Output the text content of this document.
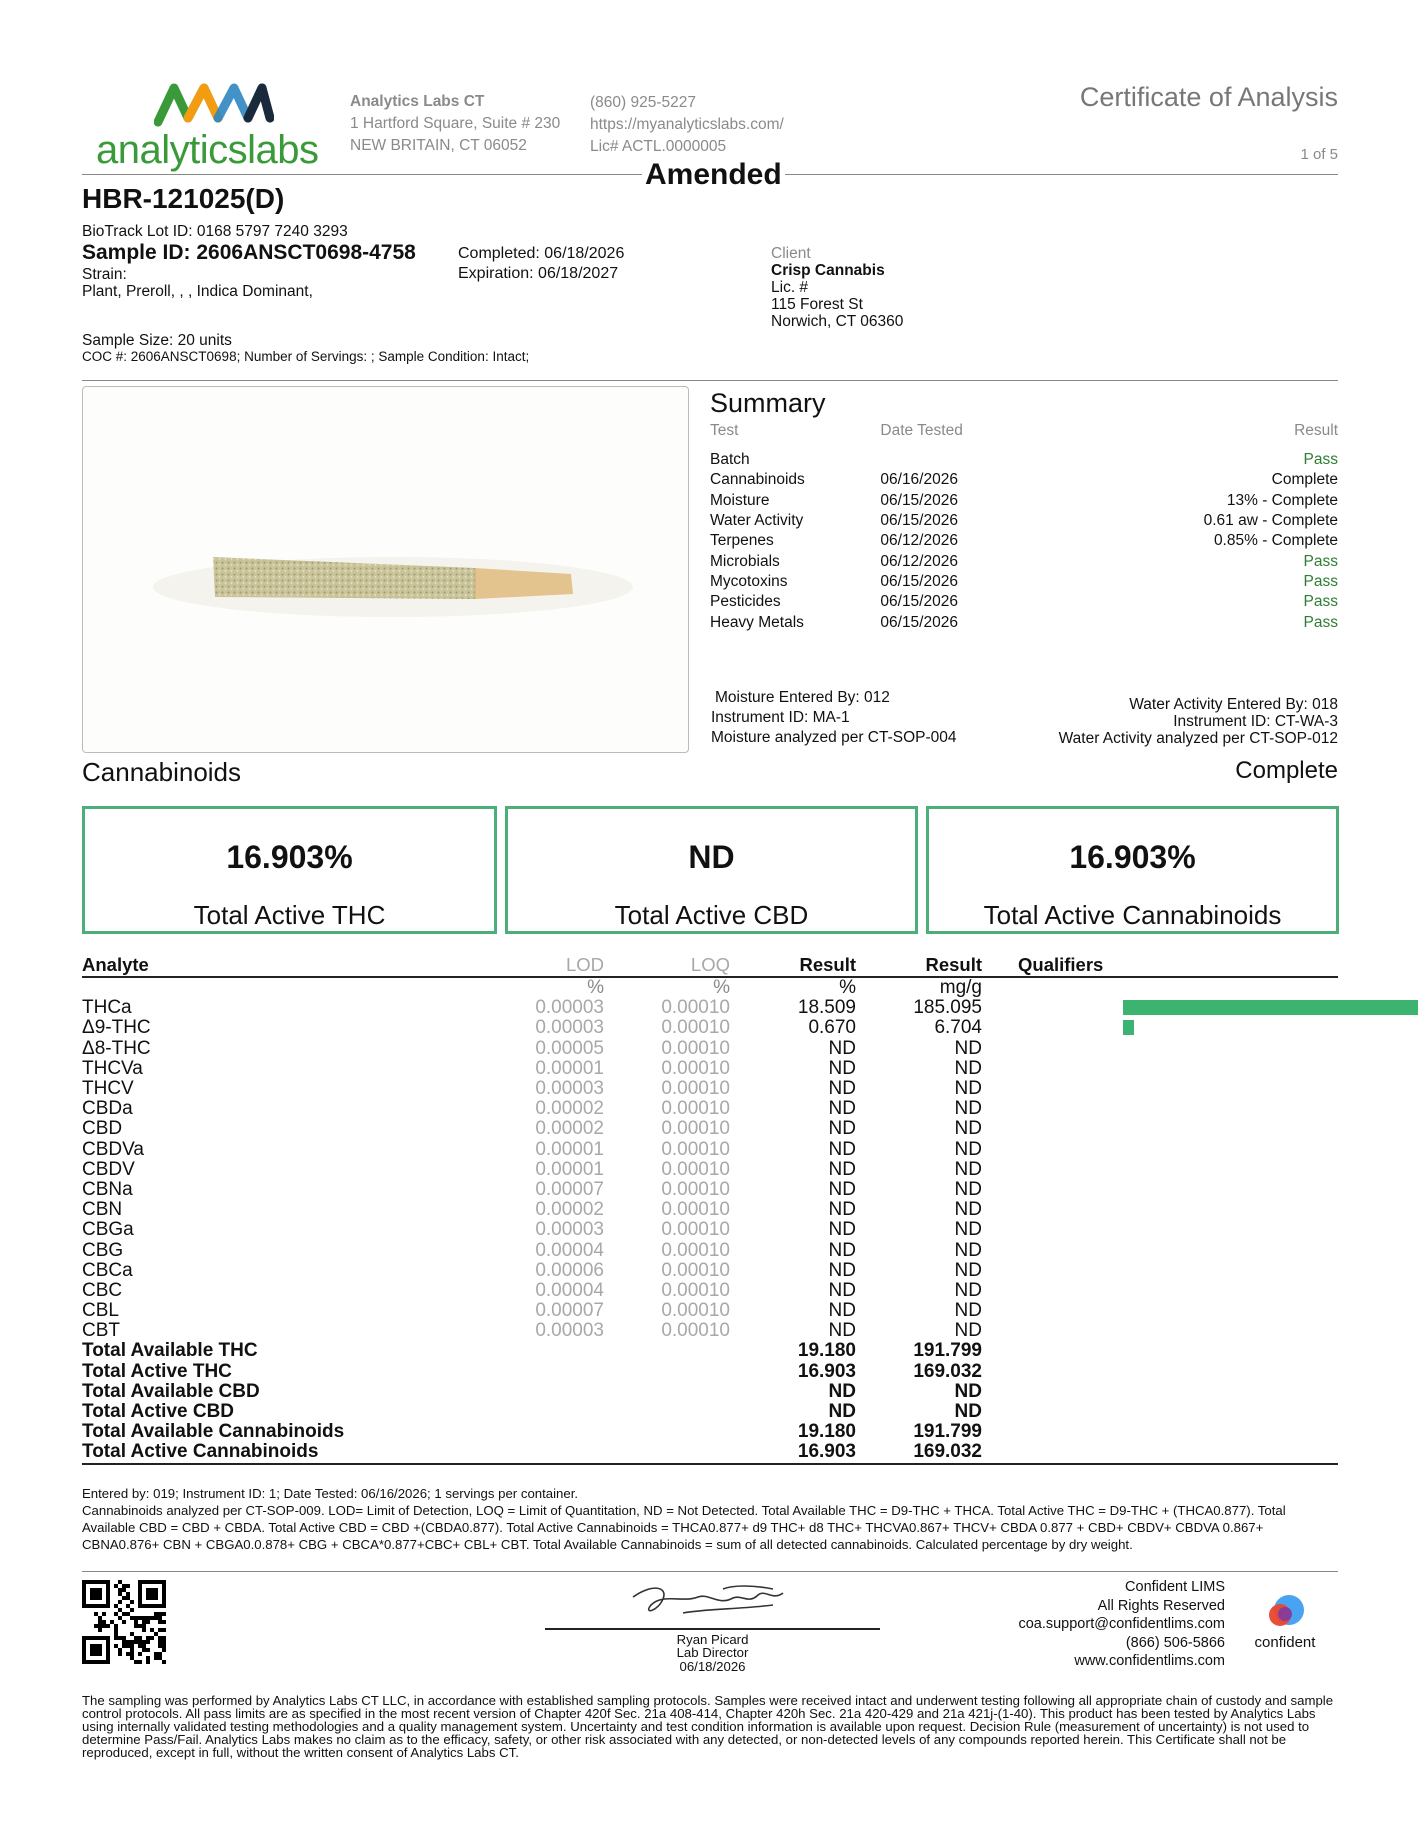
analyticslabs
Analytics Labs CT
1 Hartford Square, Suite # 230
NEW BRITAIN, CT 06052
(860) 925-5227
https://myanalyticslabs.com/
Lic# ACTL.0000005
Certificate of Analysis
1 of 5
Amended
HBR-121025(D)
BioTrack Lot ID: 0168 5797 7240 3293
Sample ID: 2606ANSCT0698-4758	Completed: 06/18/2026
Expiration: 06/18/2027
Strain:
Plant, Preroll, , , Indica Dominant,
Client
Crisp Cannabis
Lic. #
115 Forest St
Norwich, CT 06360
Sample Size: 20 units
COC #: 2606ANSCT0698; Number of Servings: ; Sample Condition: Intact;
Summary
Test	Date Tested	Result
Batch		Pass
Cannabinoids	06/16/2026	Complete
Moisture	06/15/2026	13% - Complete
Water Activity	06/15/2026	0.61 aw - Complete
Terpenes	06/12/2026	0.85% - Complete
Microbials	06/12/2026	Pass
Mycotoxins	06/15/2026	Pass
Pesticides	06/15/2026	Pass
Heavy Metals	06/15/2026	Pass
Moisture Entered By: 012
Instrument ID: MA-1
Moisture analyzed per CT-SOP-004
Water Activity Entered By: 018
Instrument ID: CT-WA-3
Water Activity analyzed per CT-SOP-012
Cannabinoids	Complete
16.903%
Total Active THC
ND
Total Active CBD
16.903%
Total Active Cannabinoids
Analyte	LOD	LOQ	Result	Result	Qualifiers
	%	%	%	mg/g	
THCa	0.00003	0.00010	18.509	185.095	

Δ9-THC	0.00003	0.00010	0.670	6.704	

Δ8-THC	0.00005	0.00010	ND	ND	

THCVa	0.00001	0.00010	ND	ND	

THCV	0.00003	0.00010	ND	ND	

CBDa	0.00002	0.00010	ND	ND	

CBD	0.00002	0.00010	ND	ND	

CBDVa	0.00001	0.00010	ND	ND	

CBDV	0.00001	0.00010	ND	ND	

CBNa	0.00007	0.00010	ND	ND	

CBN	0.00002	0.00010	ND	ND	

CBGa	0.00003	0.00010	ND	ND	

CBG	0.00004	0.00010	ND	ND	

CBCa	0.00006	0.00010	ND	ND	

CBC	0.00004	0.00010	ND	ND	

CBL	0.00007	0.00010	ND	ND	

CBT	0.00003	0.00010	ND	ND	

Total Available THC			19.180	191.799	
Total Active THC			16.903	169.032	
Total Available CBD			ND	ND	
Total Active CBD			ND	ND	
Total Available Cannabinoids			19.180	191.799	
Total Active Cannabinoids			16.903	169.032	
Entered by: 019; Instrument ID: 1; Date Tested: 06/16/2026; 1 servings per container.
Cannabinoids analyzed per CT-SOP-009. LOD= Limit of Detection, LOQ = Limit of Quantitation, ND = Not Detected. Total Available THC = D9-THC + THCA. Total Active THC = D9-THC + (THCA0.877). Total Available CBD = CBD + CBDA. Total Active CBD = CBD +(CBDA0.877). Total Active Cannabinoids = THCA0.877+ d9 THC+ d8 THC+ THCVA0.867+ THCV+ CBDA 0.877 + CBD+ CBDV+ CBDVA 0.867+ CBNA0.876+ CBN + CBGA0.0.878+ CBG + CBCA*0.877+CBC+ CBL+ CBT. Total Available Cannabinoids = sum of all detected cannabinoids. Calculated percentage by dry weight.
Ryan Picard
Lab Director
06/18/2026
Confident LIMS
All Rights Reserved
coa.support@confidentlims.com
(866) 506-5866
www.confidentlims.com
confident
The sampling was performed by Analytics Labs CT LLC, in accordance with established sampling protocols. Samples were received intact and underwent testing following all appropriate chain of custody and sample control protocols. All pass limits are as specified in the most recent version of Chapter 420f Sec. 21a 408-414, Chapter 420h Sec. 21a 420-429 and 21a 421j-(1-40). This product has been tested by Analytics Labs using internally validated testing methodologies and a quality management system. Uncertainty and test condition information is available upon request. Decision Rule (measurement of uncertainty) is not used to determine Pass/Fail. Analytics Labs makes no claim as to the efficacy, safety, or other risk associated with any detected, or non-detected levels of any compounds reported herein. This Certificate shall not be reproduced, except in full, without the written consent of Analytics Labs CT.
